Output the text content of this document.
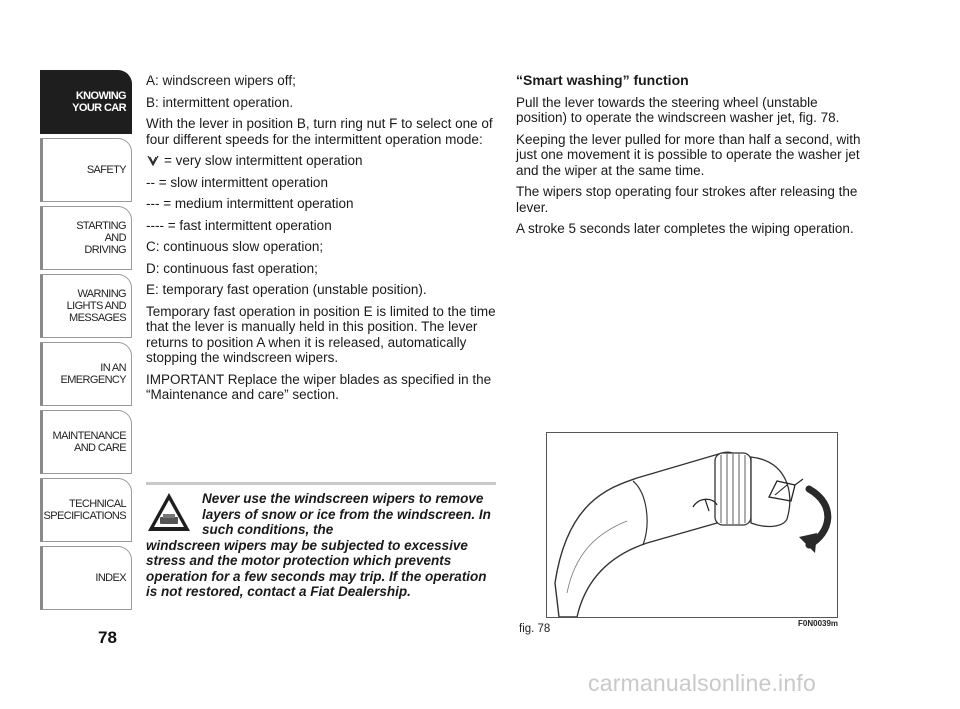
KNOWING
YOUR CAR
SAFETY
STARTING
AND
DRIVING
WARNING
LIGHTS AND
MESSAGES
IN AN
EMERGENCY
MAINTENANCE
AND CARE
TECHNICAL
SPECIFICATIONS
INDEX
78

A: windscreen wipers off;

B: intermittent operation.

With the lever in position B, turn ring nut F to select one of four different speeds for the intermittent operation mode:

= very slow intermittent operation

-- = slow intermittent operation

--- = medium intermittent operation

---- = fast intermittent operation

C: continuous slow operation;

D: continuous fast operation;

E: temporary fast operation (unstable position).

Temporary fast operation in position E is limited to the time that the lever is manually held in this position. The lever returns to position A when it is released, automatically stopping the windscreen wipers.

IMPORTANT Replace the wiper blades as specified in the “Maintenance and care” section.

Never use the windscreen wipers to remove layers of snow or ice from the windscreen. In such conditions, the
windscreen wipers may be subjected to excessive stress and the motor protection which prevents operation for a few seconds may trip. If the operation is not restored, contact a Fiat Dealership.
“Smart washing” function

Pull the lever towards the steering wheel (unstable position) to operate the windscreen washer jet, fig. 78.

Keeping the lever pulled for more than half a second, with just one movement it is possible to operate the washer jet and the wiper at the same time.

The wipers stop operating four strokes after releasing the lever.

A stroke 5 seconds later completes the wiping operation.

fig. 78	F0N0039m
carmanualsonline.info
